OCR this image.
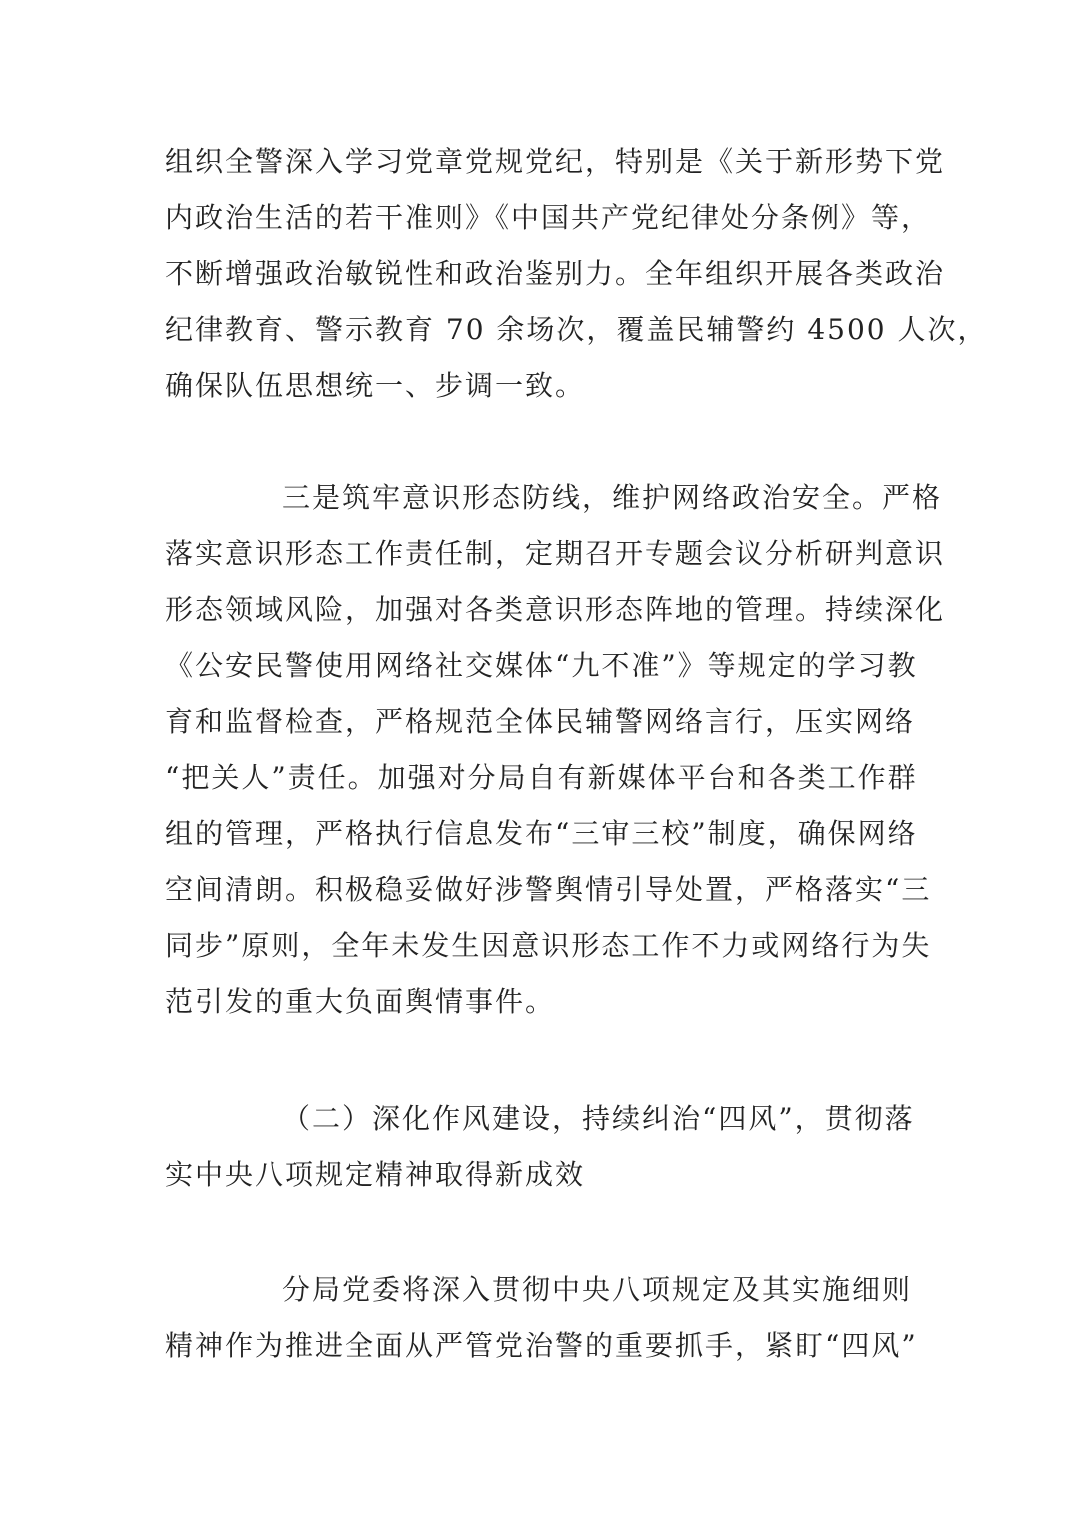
组织全警深入学习党章党规党纪，特别是《关于新形势下党
内政治生活的若干准则》《中国共产党纪律处分条例》等，
不断增强政治敏锐性和政治鉴别力。全年组织开展各类政治
纪律教育、警示教育 70 余场次，覆盖民辅警约 4500 人次，
确保队伍思想统一、步调一致。
三是筑牢意识形态防线，维护网络政治安全。严格
落实意识形态工作责任制，定期召开专题会议分析研判意识
形态领域风险，加强对各类意识形态阵地的管理。持续深化
《公安民警使用网络社交媒体“九不准”》等规定的学习教
育和监督检查，严格规范全体民辅警网络言行，压实网络
“把关人”责任。加强对分局自有新媒体平台和各类工作群
组的管理，严格执行信息发布“三审三校”制度，确保网络
空间清朗。积极稳妥做好涉警舆情引导处置，严格落实“三
同步”原则，全年未发生因意识形态工作不力或网络行为失
范引发的重大负面舆情事件。
（二）深化作风建设，持续纠治“四风”，贯彻落
实中央八项规定精神取得新成效
分局党委将深入贯彻中央八项规定及其实施细则
精神作为推进全面从严管党治警的重要抓手，紧盯“四风”
